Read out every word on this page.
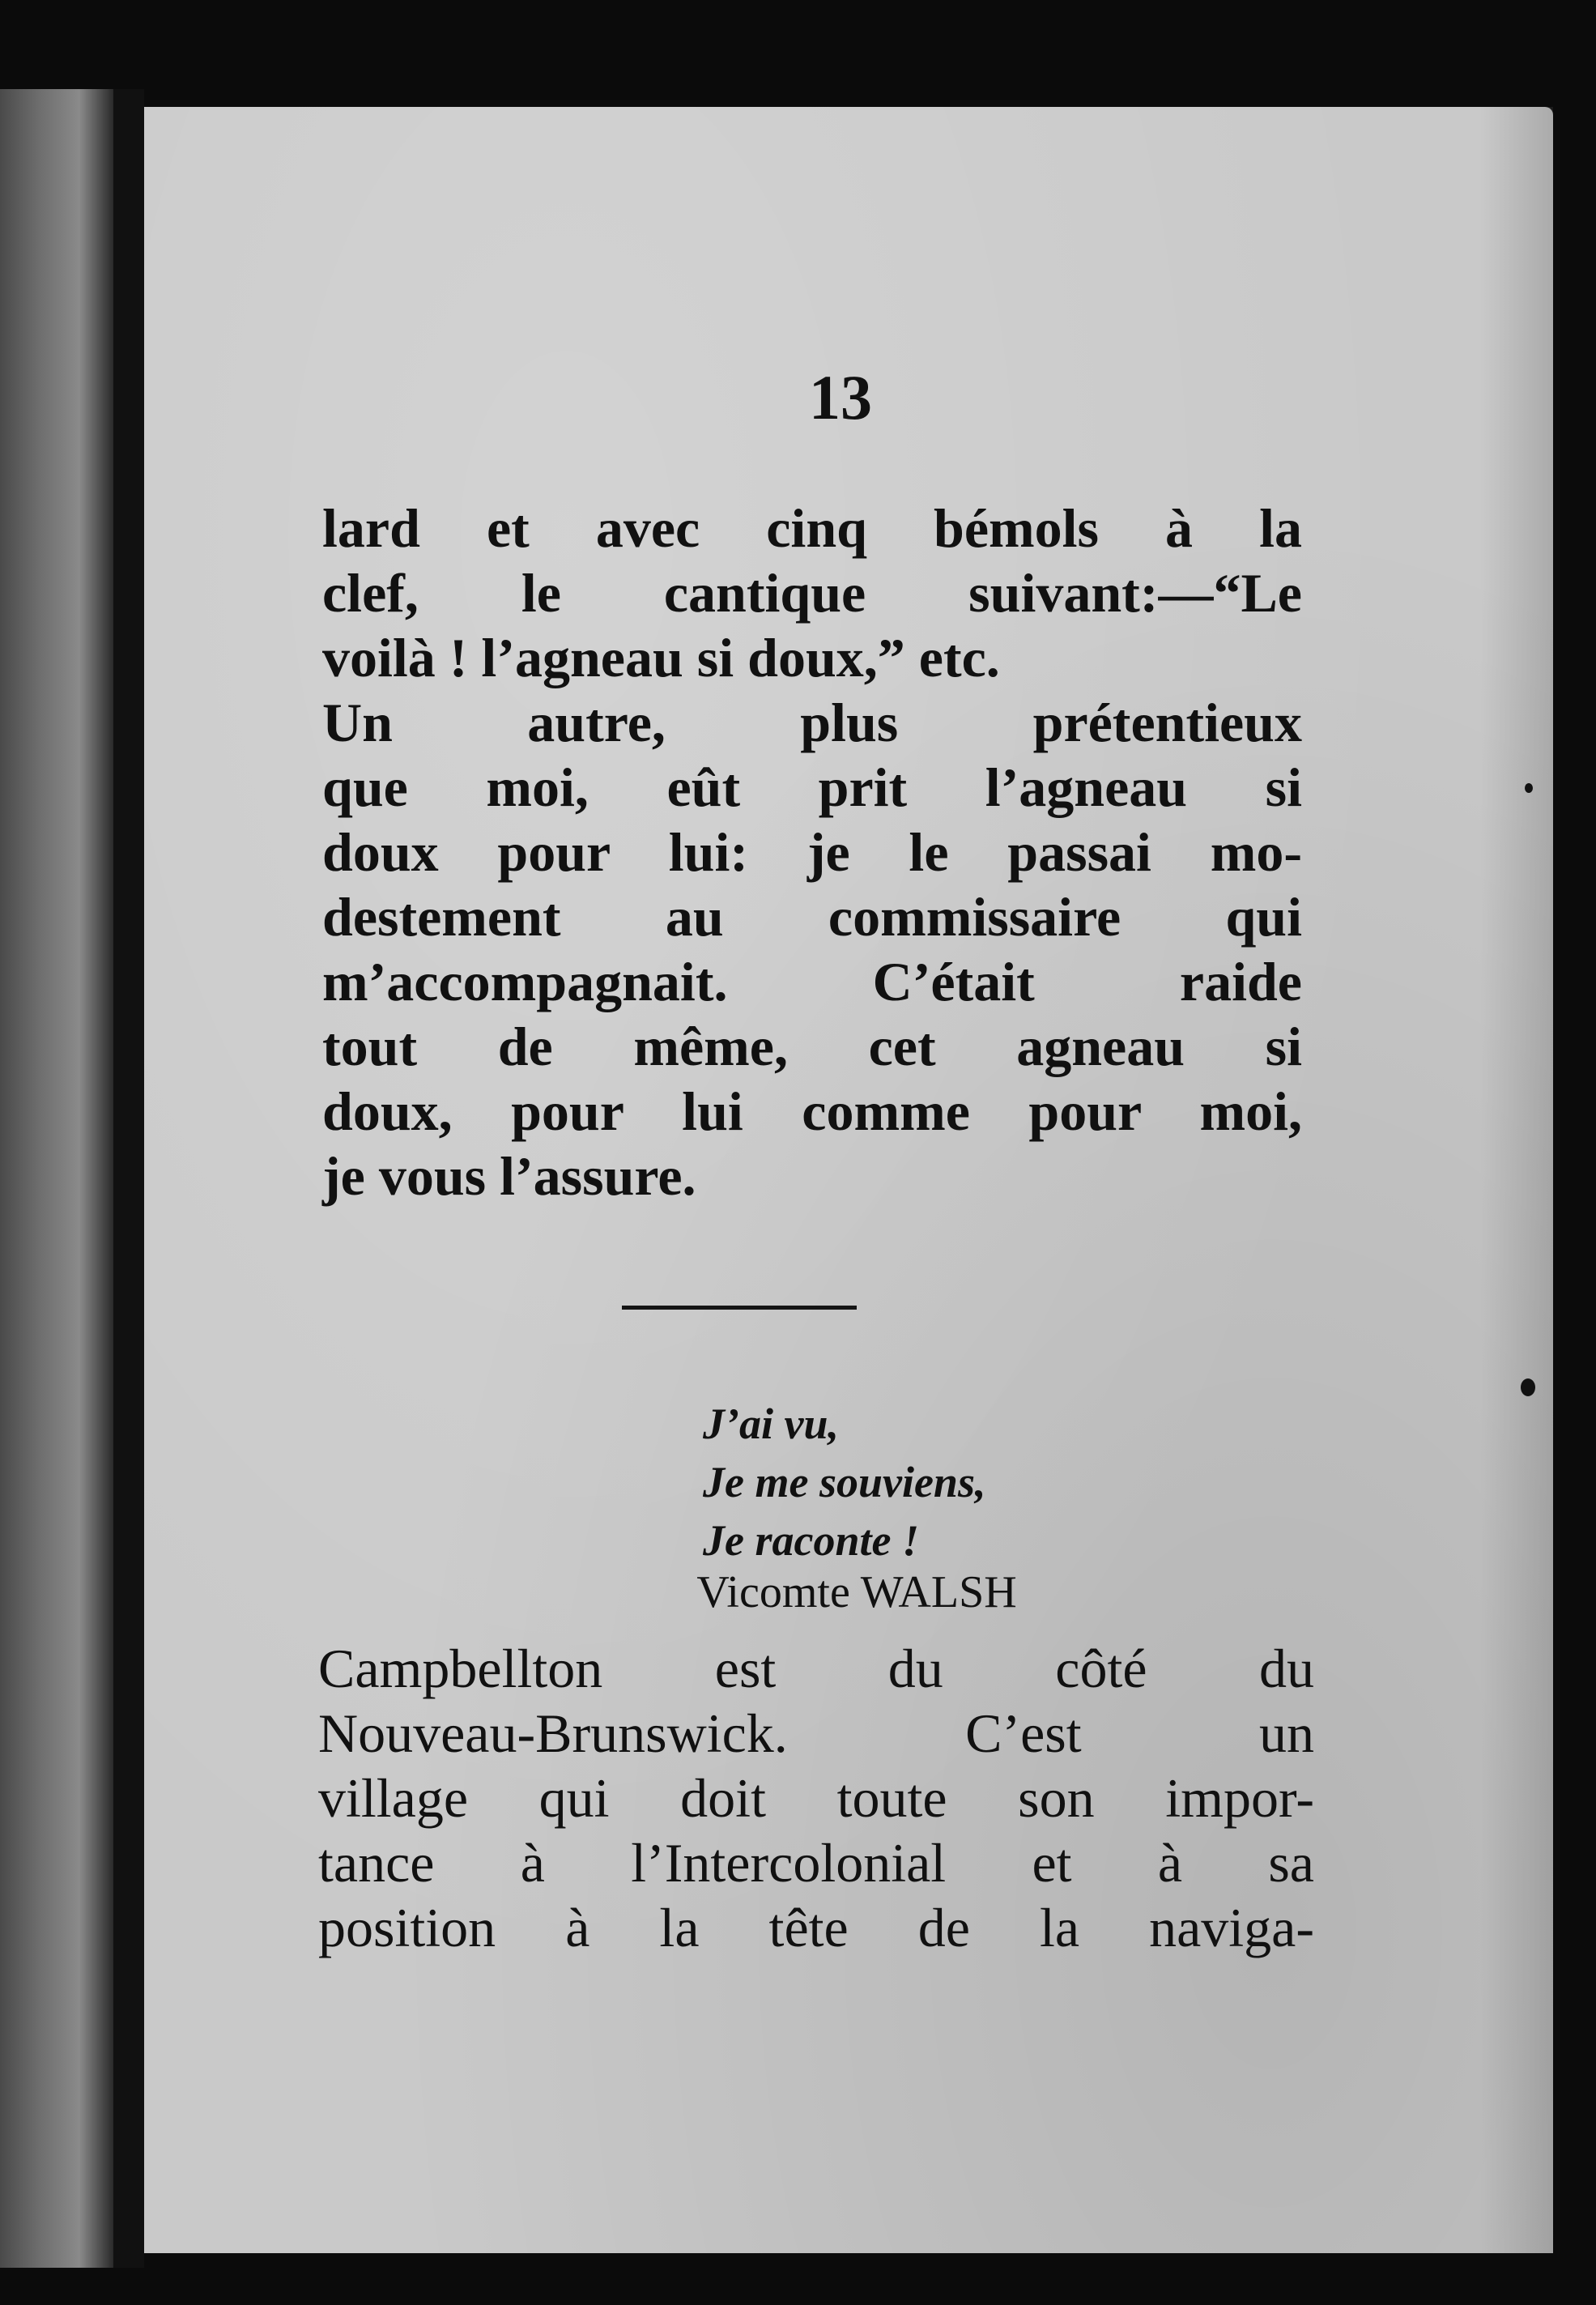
13
lard et avec cinq bémols à la
clef, le cantique suivant:—“Le
voilà ! l’agneau si doux,” etc.
Un autre, plus prétentieux
que moi, eût prit l’agneau si
doux pour lui: je le passai mo-
destement au commissaire qui
m’accompagnait. C’était raide
tout de même, cet agneau si
doux, pour lui comme pour moi,
je vous l’assure.
J’ai vu,
Je me souviens,
Je raconte !
Vicomte WALSH
Campbellton est du côté du
Nouveau-Brunswick. C’est un
village qui doit toute son impor-
tance à l’Intercolonial et à sa
position à la tête de la naviga-
